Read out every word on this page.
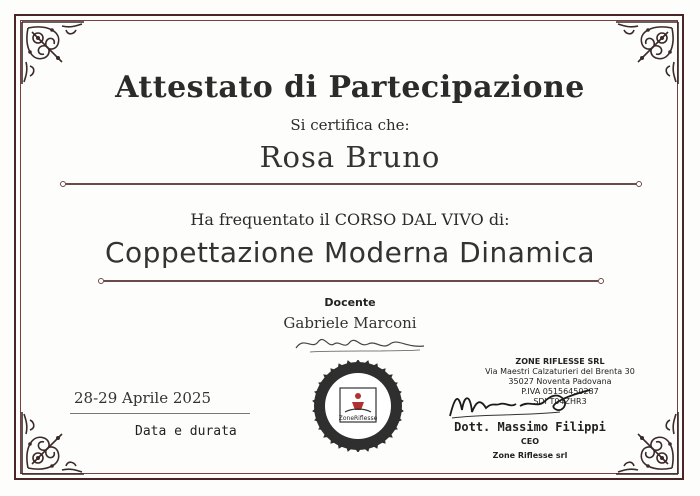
Attestato di Partecipazione
Si certifica che:
Rosa Bruno
Ha frequentato il CORSO DAL VIVO di:
Coppettazione Moderna Dinamica
Docente
Gabriele Marconi
28-29 Aprile 2025
Data e durata
ZoneRiflesse
ZONE RIFLESSE SRL
Via Maestri Calzaturieri del Brenta 30
35027 Noventa Padovana
P.IVA 05156450287
SDI T04ZHR3
Dott. Massimo Filippi
CEO
Zone Riflesse srl
